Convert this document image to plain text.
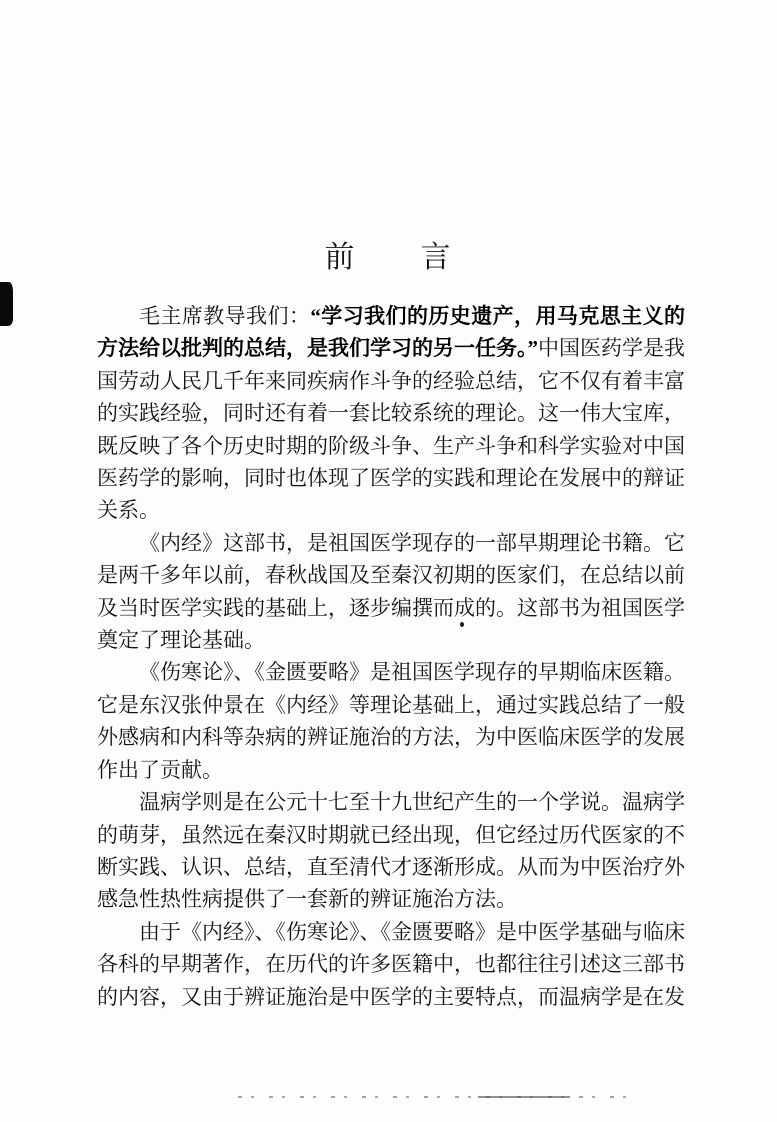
前　　言

毛主席教导我们：“学习我们的历史遗产，用马克思主义的方法给以批判的总结，是我们学习的另一任务。”中国医药学是我国劳动人民几千年来同疾病作斗争的经验总结，它不仅有着丰富的实践经验，同时还有着一套比较系统的理论。这一伟大宝库，既反映了各个历史时期的阶级斗争、生产斗争和科学实验对中国医药学的影响，同时也体现了医学的实践和理论在发展中的辩证关系。

《内经》这部书，是祖国医学现存的一部早期理论书籍。它是两千多年以前，春秋战国及至秦汉初期的医家们，在总结以前及当时医学实践的基础上，逐步编撰而成的。这部书为祖国医学奠定了理论基础。

《伤寒论》、《金匮要略》是祖国医学现存的早期临床医籍。它是东汉张仲景在《内经》等理论基础上，通过实践总结了一般外感病和内科等杂病的辨证施治的方法，为中医临床医学的发展作出了贡献。

温病学则是在公元十七至十九世纪产生的一个学说。温病学的萌芽，虽然远在秦汉时期就已经出现，但它经过历代医家的不断实践、认识、总结，直至清代才逐渐形成。从而为中医治疗外感急性热性病提供了一套新的辨证施治方法。

由于《内经》、《伤寒论》、《金匮要略》是中医学基础与临床各科的早期著作，在历代的许多医籍中，也都往往引述这三部书的内容，又由于辨证施治是中医学的主要特点，而温病学是在发
